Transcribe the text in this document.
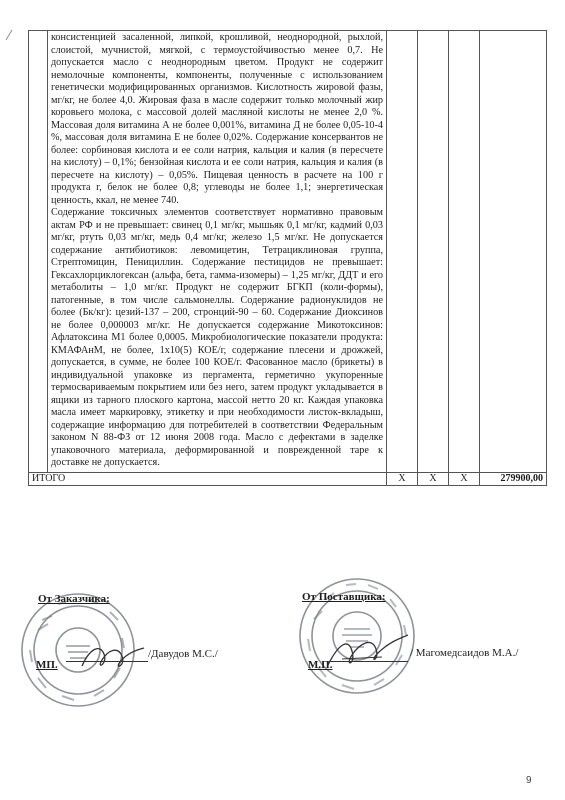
	консистенцией засаленной, липкой, крошливой, неоднородной, рыхлой, слоистой, мучнистой, мягкой, с термоустойчивостью менее 0,7. Не допускается масло с неоднородным цветом. Продукт не содержит немолочные компоненты, компоненты, полученные с использованием генетически модифицированных организмов. Кислотность жировой фазы, мг/кг, не более 4,0. Жировая фаза в масле содержит только молочный жир коровьего молока, с массовой долей масляной кислоты не менее 2,0 %. Массовая доля витамина А не более 0,001%, витамина Д не более 0,05-10-4 %, массовая доля витамина Е не более 0,02%. Содержание консервантов не более: сорбиновая кислота и ее соли натрия, кальция и калия (в пересчете на кислоту) – 0,1%; бензойная кислота и ее соли натрия, кальция и калия (в пересчете на кислоту) – 0,05%. Пищевая ценность в расчете на 100 г продукта г, белок не более 0,8; углеводы не более 1,1; энергетическая ценность, ккал, не менее 740.

Содержание токсичных элементов соответствует нормативно правовым актам РФ и не превышает: свинец 0,1 мг/кг, мышьяк 0,1 мг/кг, кадмий 0,03 мг/кг, ртуть 0,03 мг/кг, медь 0,4 мг/кг, железо 1,5 мг/кг. Не допускается содержание антибиотиков: левомицетин, Тетрациклиновая группа, Стрептомицин, Пенициллин. Содержание пестицидов не превышает: Гексахлорциклогексан (альфа, бета, гамма-изомеры) – 1,25 мг/кг, ДДТ и его метаболиты – 1,0 мг/кг. Продукт не содержит БГКП (коли-формы), патогенные, в том числе сальмонеллы. Содержание радионуклидов не более (Бк/кг): цезий-137 – 200, стронций-90 – 60. Содержание Диоксинов не более 0,000003 мг/кг. Не допускается содержание Микотоксинов: Афлатоксина М1 более 0,0005. Микробиологические показатели продукта: КМАФАнМ, не более, 1х10(5) КОЕ/г, содержание плесени и дрожжей, допускается, в сумме, не более 100 КОЕ/г. Фасованное масло (брикеты) в индивидуальной упаковке из пергамента, герметично укупоренные термосвариваемым покрытием или без него, затем продукт укладывается в ящики из тарного плоского картона, массой нетто 20 кг. Каждая упаковка масла имеет маркировку, этикетку и при необходимости листок-вкладыш, содержащие информацию для потребителей в соответствии Федеральным законом N 88-ФЗ от 12 июня 2008 года. Масло с дефектами в заделке упаковочного материала, деформированной и поврежденной таре к доставке не допускается.				

ИТОГО		X	X	X	279900,00
От Заказчика:
/Давудов М.С./
МП.
От Поставщика:
/ Магомедсаидов М.А./
М.П.
9
